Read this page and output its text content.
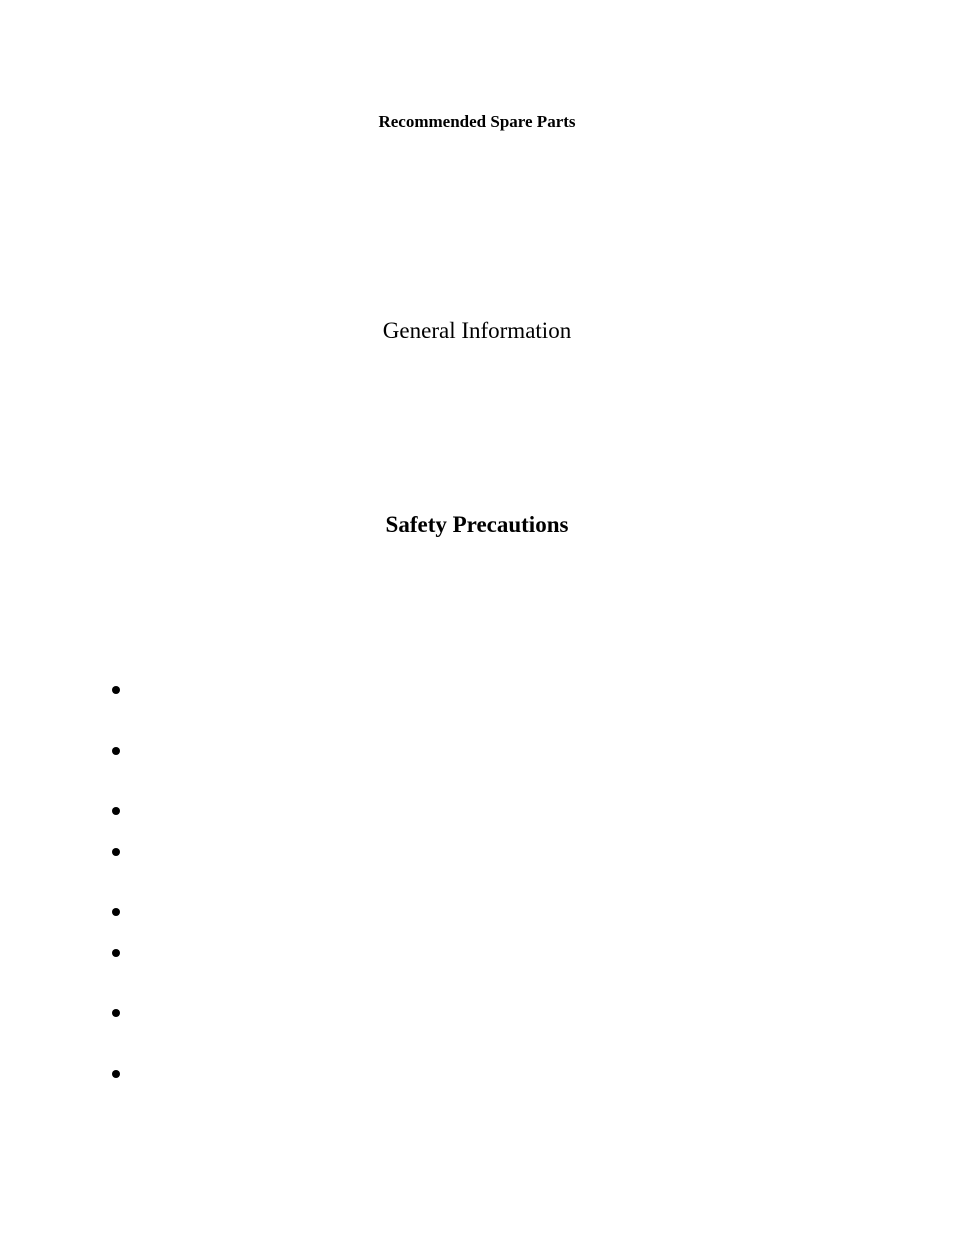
Recommended Spare Parts
General Information
Safety Precautions
